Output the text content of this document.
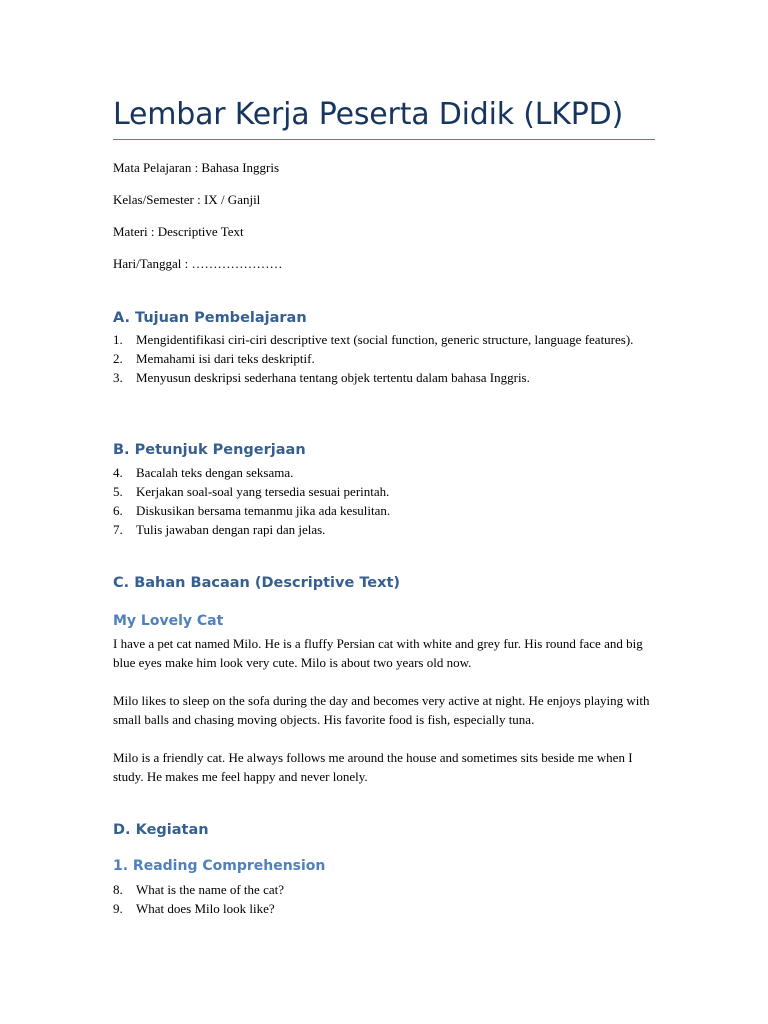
Lembar Kerja Peserta Didik (LKPD)

Mata Pelajaran : Bahasa Inggris

Kelas/Semester : IX / Ganjil

Materi : Descriptive Text

Hari/Tanggal : …………………

A. Tujuan Pembelajaran
1. Mengidentifikasi ciri-ciri descriptive text (social function, generic structure, language features).
2. Memahami isi dari teks deskriptif.
3. Menyusun deskripsi sederhana tentang objek tertentu dalam bahasa Inggris.
B. Petunjuk Pengerjaan
4. Bacalah teks dengan seksama.
5. Kerjakan soal-soal yang tersedia sesuai perintah.
6. Diskusikan bersama temanmu jika ada kesulitan.
7. Tulis jawaban dengan rapi dan jelas.
C. Bahan Bacaan (Descriptive Text)
My Lovely Cat

I have a pet cat named Milo. He is a fluffy Persian cat with white and grey fur. His round face and big blue eyes make him look very cute. Milo is about two years old now.

Milo likes to sleep on the sofa during the day and becomes very active at night. He enjoys playing with small balls and chasing moving objects. His favorite food is fish, especially tuna.

Milo is a friendly cat. He always follows me around the house and sometimes sits beside me when I study. He makes me feel happy and never lonely.

D. Kegiatan
1. Reading Comprehension
8. What is the name of the cat?
9. What does Milo look like?
